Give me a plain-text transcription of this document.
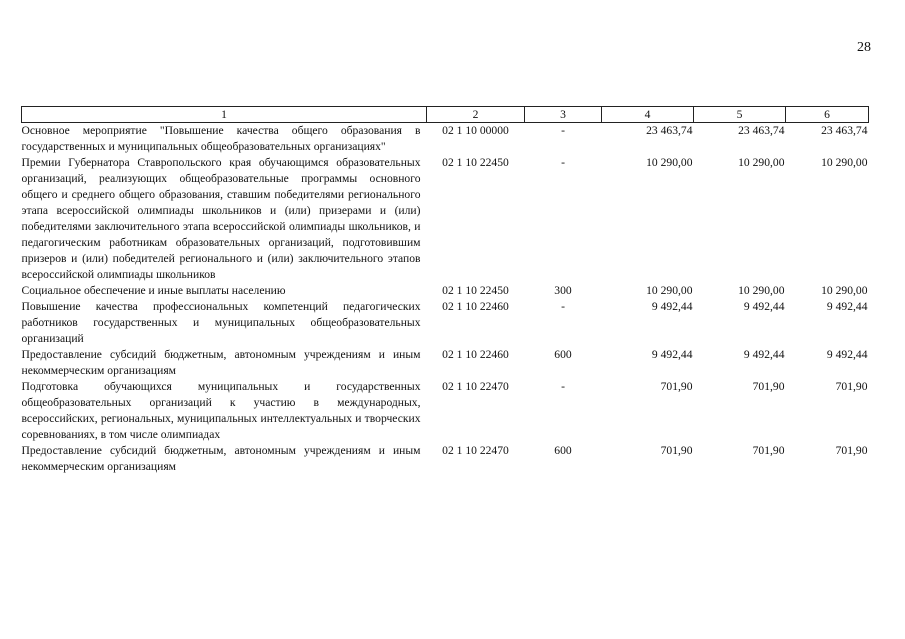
28
1	2	3	4	5	6
Основное мероприятие "Повышение качества общего образования в государственных и муниципальных общеобразовательных организациях"	02 1 10 00000	-	23 463,74	23 463,74	23 463,74
Премии Губернатора Ставропольского края обучающимся образовательных организаций, реализующих общеобразовательные программы основного общего и среднего общего образования, ставшим победителями регионального этапа всероссийской олимпиады школьников и (или) призерами и (или) победителями заключительного этапа всероссийской олимпиады школьников, и педагогическим работникам образовательных организаций, подготовившим призеров и (или) победителей регионального и (или) заключительного этапов всероссийской олимпиады школьников	02 1 10 22450	-	10 290,00	10 290,00	10 290,00
Социальное обеспечение и иные выплаты населению	02 1 10 22450	300	10 290,00	10 290,00	10 290,00
Повышение качества профессиональных компетенций педагогических работников государственных и муниципальных общеобразовательных организаций	02 1 10 22460	-	9 492,44	9 492,44	9 492,44
Предоставление субсидий бюджетным, автономным учреждениям и иным некоммерческим организациям	02 1 10 22460	600	9 492,44	9 492,44	9 492,44
Подготовка обучающихся муниципальных и государственных общеобразовательных организаций к участию в международных, всероссийских, региональных, муниципальных интеллектуальных и творческих соревнованиях, в том числе олимпиадах	02 1 10 22470	-	701,90	701,90	701,90
Предоставление субсидий бюджетным, автономным учреждениям и иным некоммерческим организациям	02 1 10 22470	600	701,90	701,90	701,90
